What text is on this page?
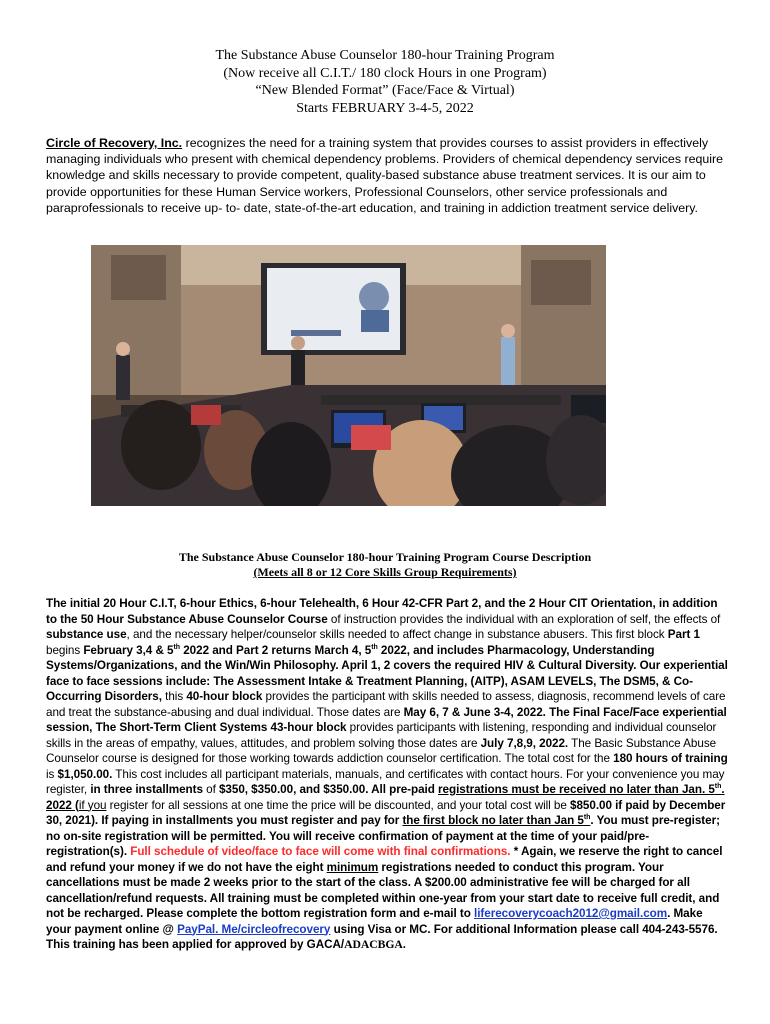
The Substance Abuse Counselor 180-hour Training Program
(Now receive all C.I.T./ 180 clock Hours in one Program)
“New Blended Format” (Face/Face & Virtual)
Starts FEBRUARY 3-4-5, 2022
Circle of Recovery, Inc. recognizes the need for a training system that provides courses to assist providers in effectively managing individuals who present with chemical dependency problems. Providers of chemical dependency services require knowledge and skills necessary to provide competent, quality-based substance abuse treatment services. It is our aim to provide opportunities for these Human Service workers, Professional Counselors, other service professionals and paraprofessionals to receive up- to- date, state-of-the-art education, and training in addiction treatment service delivery.
The Substance Abuse Counselor 180-hour Training Program Course Description
(Meets all 8 or 12 Core Skills Group Requirements)
The initial 20 Hour C.I.T, 6-hour Ethics, 6-hour Telehealth, 6 Hour 42-CFR Part 2, and the 2 Hour CIT Orientation, in addition to the 50 Hour Substance Abuse Counselor Course of instruction provides the individual with an exploration of self, the effects of substance use, and the necessary helper/counselor skills needed to affect change in substance abusers. This first block Part 1 begins February 3,4 & 5th 2022 and Part 2 returns March 4, 5th 2022, and includes Pharmacology, Understanding Systems/Organizations, and the Win/Win Philosophy. April 1, 2 covers the required HIV & Cultural Diversity. Our experiential face to face sessions include: The Assessment Intake & Treatment Planning, (AITP), ASAM LEVELS, The DSM5, & Co-Occurring Disorders, this 40-hour block provides the participant with skills needed to assess, diagnosis, recommend levels of care and treat the substance-abusing and dual individual. Those dates are May 6, 7 & June 3-4, 2022. The Final Face/Face experiential session, The Short-Term Client Systems 43-hour block provides participants with listening, responding and individual counselor skills in the areas of empathy, values, attitudes, and problem solving those dates are July 7,8,9, 2022. The Basic Substance Abuse Counselor course is designed for those working towards addiction counselor certification. The total cost for the 180 hours of training is $1,050.00. This cost includes all participant materials, manuals, and certificates with contact hours. For your convenience you may register, in three installments of $350, $350.00, and $350.00. All pre-paid registrations must be received no later than Jan. 5th. 2022 (if you register for all sessions at one time the price will be discounted, and your total cost will be $850.00 if paid by December 30, 2021). If paying in installments you must register and pay for the first block no later than Jan 5th. You must pre-register; no on-site registration will be permitted. You will receive confirmation of payment at the time of your paid/pre-registration(s). Full schedule of video/face to face will come with final confirmations. * Again, we reserve the right to cancel and refund your money if we do not have the eight minimum registrations needed to conduct this program. Your cancellations must be made 2 weeks prior to the start of the class. A $200.00 administrative fee will be charged for all cancellation/refund requests. All training must be completed within one-year from your start date to receive full credit, and not be recharged. Please complete the bottom registration form and e-mail to liferecoverycoach2012@gmail.com. Make your payment online @ PayPal. Me/circleofrecovery using Visa or MC. For additional Information please call 404-243-5576. This training has been applied for approved by GACA/ADACBGA.
